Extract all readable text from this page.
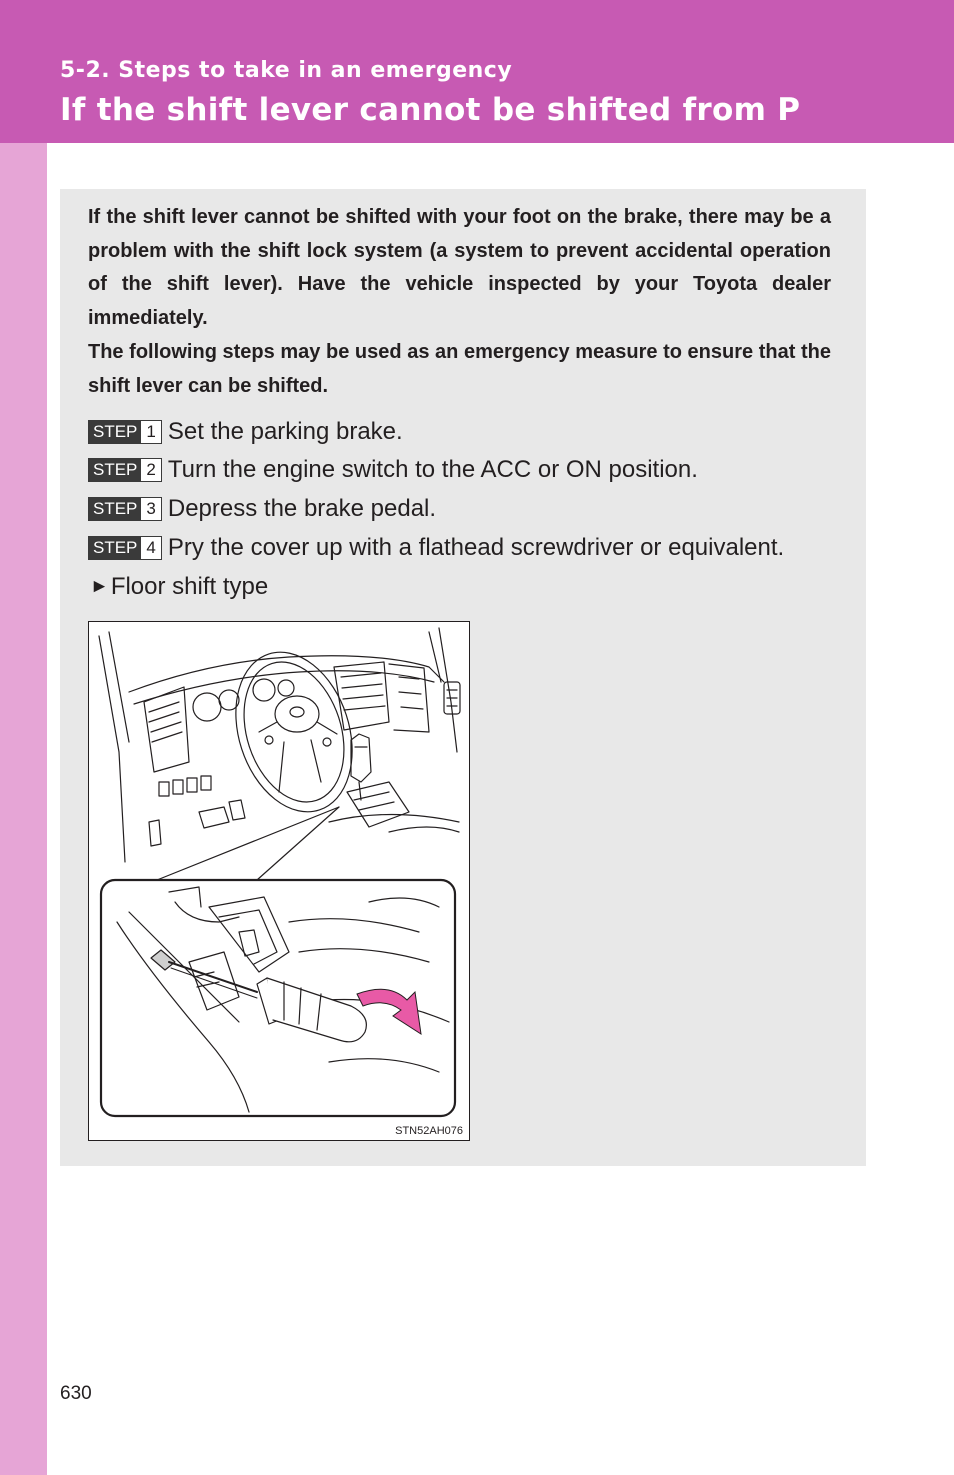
5-2. Steps to take in an emergency
If the shift lever cannot be shifted from P

If the shift lever cannot be shifted with your foot on the brake, there may be a problem with the shift lock system (a system to prevent accidental operation of the shift lever). Have the vehicle inspected by your Toyota dealer immediately.

The following steps may be used as an emergency measure to ensure that the shift lever can be shifted.

STEP 1 Set the parking brake.
STEP 2 Turn the engine switch to the ACC or ON position.
STEP 3 Depress the brake pedal.
STEP 4 Pry the cover up with a flathead screwdriver or equivalent.
► Floor shift type
STN52AH076
630
